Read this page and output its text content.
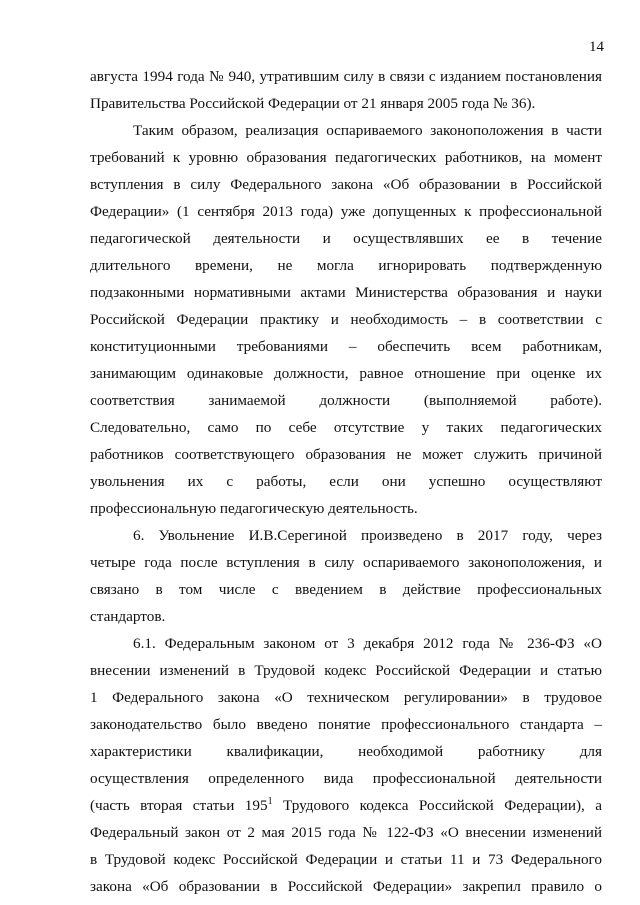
14

августа 1994 года № 940, утратившим силу в связи с изданием постановления

Правительства Российской Федерации от 21 января 2005 года № 36).

Таким образом, реализация оспариваемого законоположения в части

требований к уровню образования педагогических работников, на момент

вступления в силу Федерального закона «Об образовании в Российской

Федерации» (1 сентября 2013 года) уже допущенных к профессиональной

педагогической деятельности и осуществлявших ее в течение

длительного времени, не могла игнорировать подтвержденную

подзаконными нормативными актами Министерства образования и науки

Российской Федерации практику и необходимость – в соответствии с

конституционными требованиями – обеспечить всем работникам,

занимающим одинаковые должности, равное отношение при оценке их

соответствия занимаемой должности (выполняемой работе).

Следовательно, само по себе отсутствие у таких педагогических

работников соответствующего образования не может служить причиной

увольнения их с работы, если они успешно осуществляют

профессиональную педагогическую деятельность.

6. Увольнение И.В.Серегиной произведено в 2017 году, через

четыре года после вступления в силу оспариваемого законоположения, и

связано в том числе с введением в действие профессиональных

стандартов.

6.1. Федеральным законом от 3 декабря 2012 года № 236-ФЗ «О

внесении изменений в Трудовой кодекс Российской Федерации и статью

1 Федерального закона «О техническом регулировании» в трудовое

законодательство было введено понятие профессионального стандарта –

характеристики квалификации, необходимой работнику для

осуществления определенного вида профессиональной деятельности

(часть вторая статьи $195^1$ Трудового кодекса Российской Федерации), а

Федеральный закон от 2 мая 2015 года № 122-ФЗ «О внесении изменений

в Трудовой кодекс Российской Федерации и статьи 11 и 73 Федерального

закона «Об образовании в Российской Федерации» закрепил правило о
